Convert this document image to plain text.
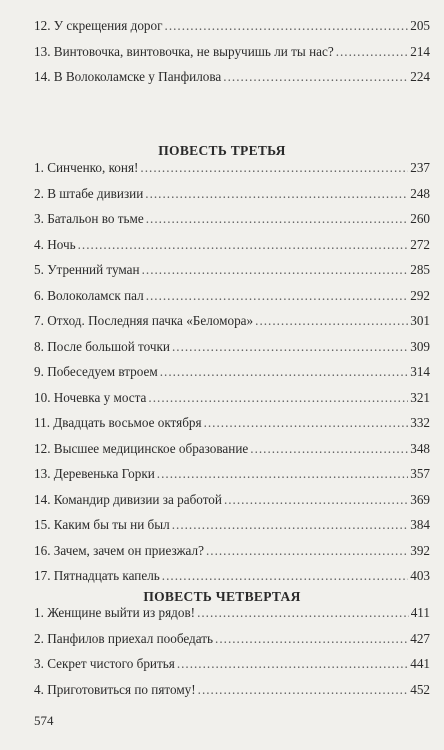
12. У скрещения дорог .....	205
13. Винтовочка, винтовочка, не выручишь ли ты нас? .....	214
14. В Волоколамске у Панфилова .....	224
ПОВЕСТЬ ТРЕТЬЯ
1. Синченко, коня! .....	237
2. В штабе дивизии .....	248
3. Батальон во тьме .....	260
4. Ночь .....	272
5. Утренний туман .....	285
6. Волоколамск пал .....	292
7. Отход. Последняя пачка «Беломора» .....	301
8. После большой точки .....	309
9. Побеседуем втроем .....	314
10. Ночевка у моста .....	321
11. Двадцать восьмое октября .....	332
12. Высшее медицинское образование .....	348
13. Деревенька Горки .....	357
14. Командир дивизии за работой .....	369
15. Каким бы ты ни был .....	384
16. Зачем, зачем он приезжал? .....	392
17. Пятнадцать капель .....	403
ПОВЕСТЬ ЧЕТВЕРТАЯ
1. Женщине выйти из рядов! .....	411
2. Панфилов приехал пообедать .....	427
3. Секрет чистого бритья .....	441
4. Приготовиться по пятому! .....	452
574
